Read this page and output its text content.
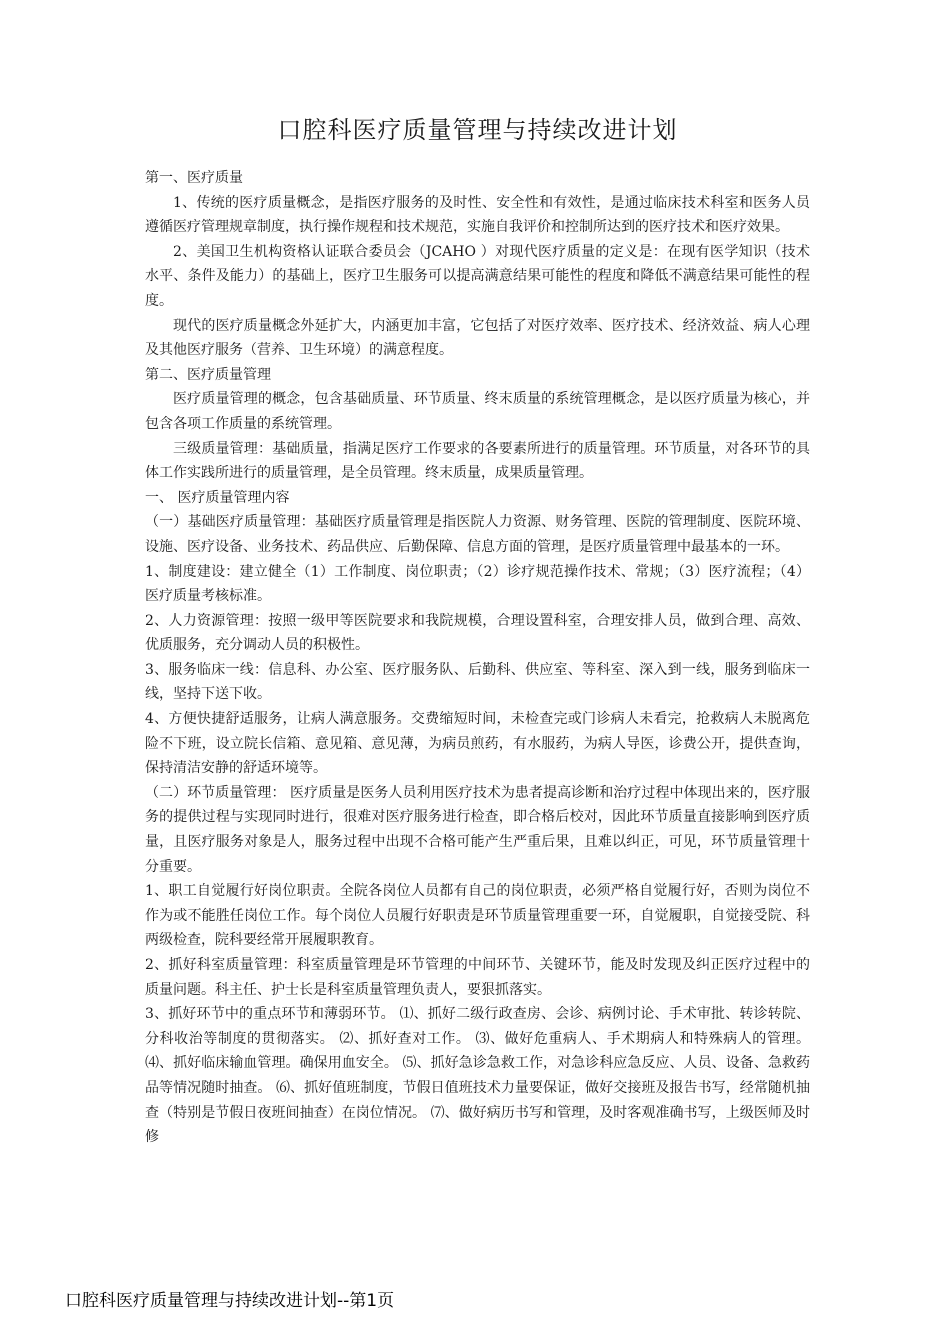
口腔科医疗质量管理与持续改进计划

第一、医疗质量

1、传统的医疗质量概念，是指医疗服务的及时性、安全性和有效性，是通过临床技术科室和医务人员遵循医疗管理规章制度，执行操作规程和技术规范，实施自我评价和控制所达到的医疗技术和医疗效果。

2、美国卫生机构资格认证联合委员会（JCAHO ）对现代医疗质量的定义是：在现有医学知识（技术水平、条件及能力）的基础上，医疗卫生服务可以提高满意结果可能性的程度和降低不满意结果可能性的程度。

现代的医疗质量概念外延扩大，内涵更加丰富，它包括了对医疗效率、医疗技术、经济效益、病人心理及其他医疗服务（营养、卫生环境）的满意程度。

第二、医疗质量管理

医疗质量管理的概念，包含基础质量、环节质量、终末质量的系统管理概念，是以医疗质量为核心，并包含各项工作质量的系统管理。

三级质量管理：基础质量，指满足医疗工作要求的各要素所进行的质量管理。环节质量，对各环节的具体工作实践所进行的质量管理，是全员管理。终末质量，成果质量管理。

一、 医疗质量管理内容

（一）基础医疗质量管理：基础医疗质量管理是指医院人力资源、财务管理、医院的管理制度、医院环境、设施、医疗设备、业务技术、药品供应、后勤保障、信息方面的管理，是医疗质量管理中最基本的一环。

1、制度建设：建立健全（1）工作制度、岗位职责；（2）诊疗规范操作技术、常规；（3）医疗流程；（4）医疗质量考核标准。

2、人力资源管理：按照一级甲等医院要求和我院规模，合理设置科室，合理安排人员，做到合理、高效、优质服务，充分调动人员的积极性。

3、服务临床一线：信息科、办公室、医疗服务队、后勤科、供应室、等科室、深入到一线，服务到临床一线，坚持下送下收。

4、方便快捷舒适服务，让病人满意服务。交费缩短时间，未检查完或门诊病人未看完，抢救病人未脱离危险不下班，设立院长信箱、意见箱、意见薄，为病员煎药，有水服药，为病人导医，诊费公开，提供查询，保持清洁安静的舒适环境等。

（二）环节质量管理： 医疗质量是医务人员利用医疗技术为患者提高诊断和治疗过程中体现出来的，医疗服务的提供过程与实现同时进行，很难对医疗服务进行检查，即合格后校对，因此环节质量直接影响到医疗质量，且医疗服务对象是人，服务过程中出现不合格可能产生严重后果，且难以纠正，可见，环节质量管理十分重要。

1、职工自觉履行好岗位职责。全院各岗位人员都有自己的岗位职责，必须严格自觉履行好，否则为岗位不作为或不能胜任岗位工作。每个岗位人员履行好职责是环节质量管理重要一环，自觉履职，自觉接受院、科两级检查，院科要经常开展履职教育。

2、抓好科室质量管理：科室质量管理是环节管理的中间环节、关键环节，能及时发现及纠正医疗过程中的质量问题。科主任、护士长是科室质量管理负责人，要狠抓落实。

3、抓好环节中的重点环节和薄弱环节。 ⑴、抓好二级行政查房、会诊、病例讨论、手术审批、转诊转院、分科收治等制度的贯彻落实。 ⑵、抓好查对工作。 ⑶、做好危重病人、手术期病人和特殊病人的管理。 ⑷、抓好临床输血管理。确保用血安全。 ⑸、抓好急诊急救工作，对急诊科应急反应、人员、设备、急救药品等情况随时抽查。 ⑹、抓好值班制度，节假日值班技术力量要保证，做好交接班及报告书写，经常随机抽查（特别是节假日夜班间抽查）在岗位情况。 ⑺、做好病历书写和管理，及时客观准确书写，上级医师及时修

口腔科医疗质量管理与持续改进计划--第1页
